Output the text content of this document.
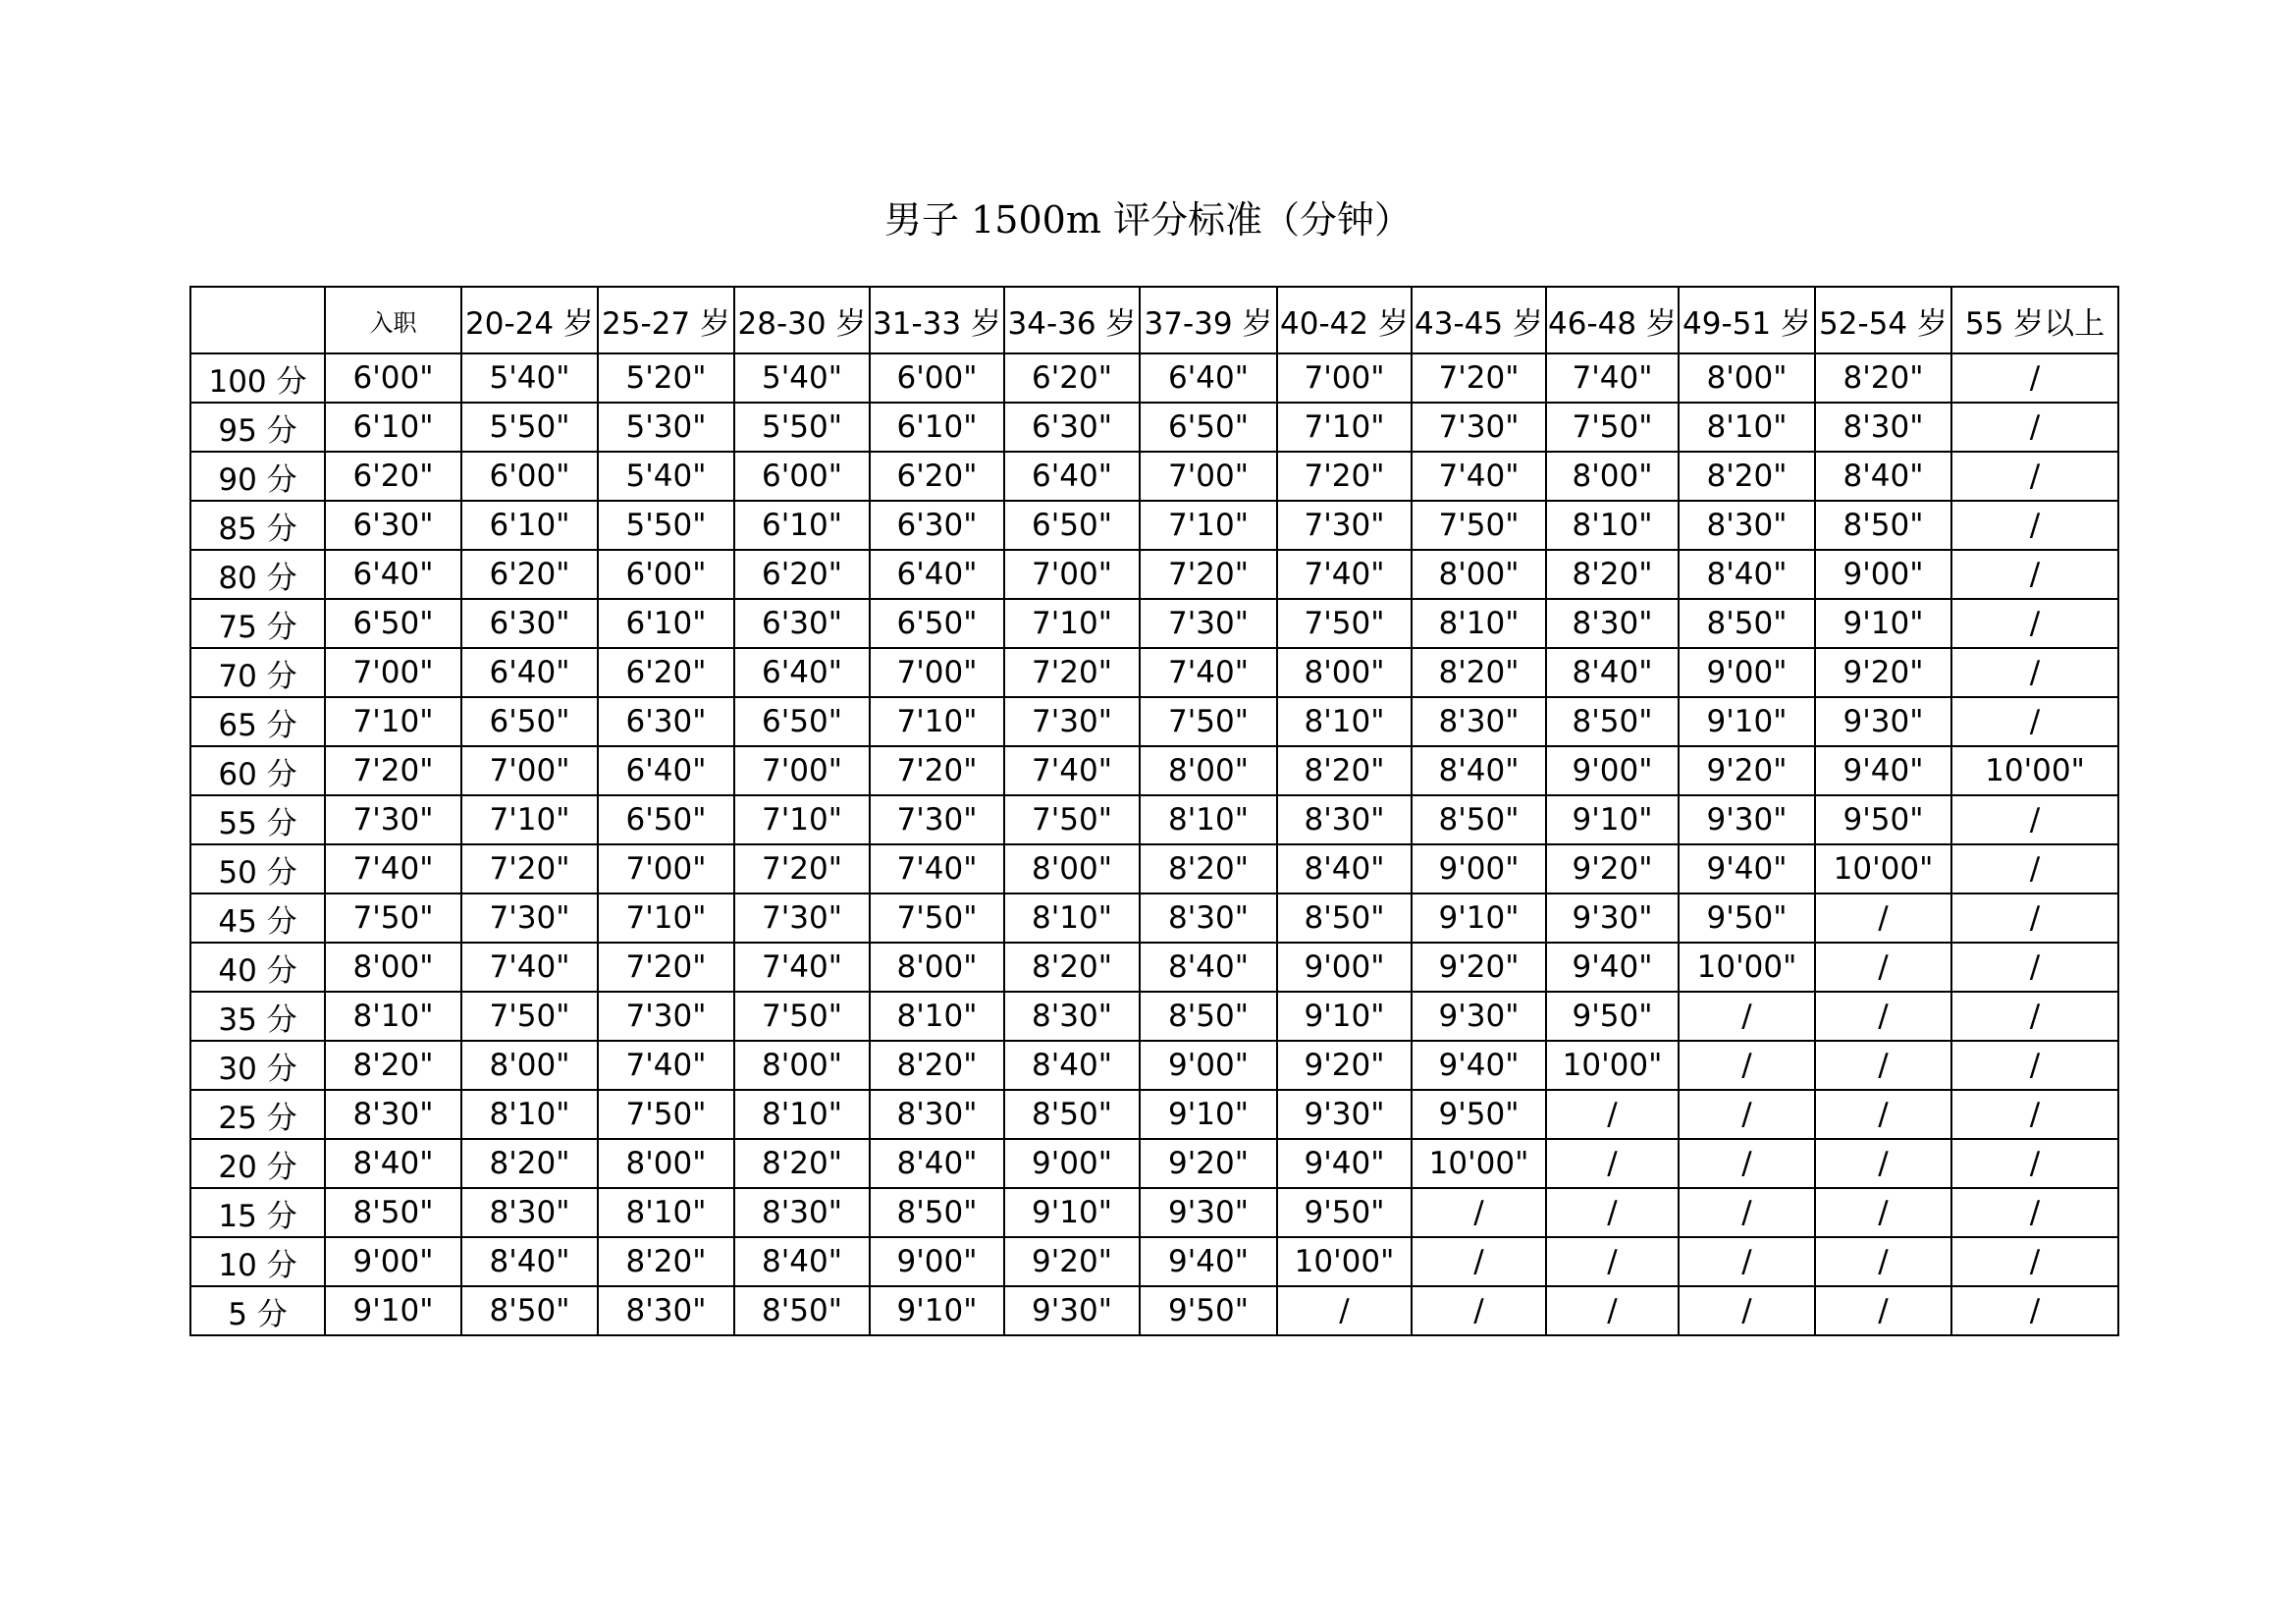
男子 1500m 评分标准（分钟）
	入职	20-24 岁	25-27 岁	28-30 岁	31-33 岁	34-36 岁	37-39 岁	40-42 岁	43-45 岁	46-48 岁	49-51 岁	52-54 岁	55 岁以上
100 分	6'00"	5'40"	5'20"	5'40"	6'00"	6'20"	6'40"	7'00"	7'20"	7'40"	8'00"	8'20"	/
95 分	6'10"	5'50"	5'30"	5'50"	6'10"	6'30"	6'50"	7'10"	7'30"	7'50"	8'10"	8'30"	/
90 分	6'20"	6'00"	5'40"	6'00"	6'20"	6'40"	7'00"	7'20"	7'40"	8'00"	8'20"	8'40"	/
85 分	6'30"	6'10"	5'50"	6'10"	6'30"	6'50"	7'10"	7'30"	7'50"	8'10"	8'30"	8'50"	/
80 分	6'40"	6'20"	6'00"	6'20"	6'40"	7'00"	7'20"	7'40"	8'00"	8'20"	8'40"	9'00"	/
75 分	6'50"	6'30"	6'10"	6'30"	6'50"	7'10"	7'30"	7'50"	8'10"	8'30"	8'50"	9'10"	/
70 分	7'00"	6'40"	6'20"	6'40"	7'00"	7'20"	7'40"	8'00"	8'20"	8'40"	9'00"	9'20"	/
65 分	7'10"	6'50"	6'30"	6'50"	7'10"	7'30"	7'50"	8'10"	8'30"	8'50"	9'10"	9'30"	/
60 分	7'20"	7'00"	6'40"	7'00"	7'20"	7'40"	8'00"	8'20"	8'40"	9'00"	9'20"	9'40"	10'00"
55 分	7'30"	7'10"	6'50"	7'10"	7'30"	7'50"	8'10"	8'30"	8'50"	9'10"	9'30"	9'50"	/
50 分	7'40"	7'20"	7'00"	7'20"	7'40"	8'00"	8'20"	8'40"	9'00"	9'20"	9'40"	10'00"	/
45 分	7'50"	7'30"	7'10"	7'30"	7'50"	8'10"	8'30"	8'50"	9'10"	9'30"	9'50"	/	/
40 分	8'00"	7'40"	7'20"	7'40"	8'00"	8'20"	8'40"	9'00"	9'20"	9'40"	10'00"	/	/
35 分	8'10"	7'50"	7'30"	7'50"	8'10"	8'30"	8'50"	9'10"	9'30"	9'50"	/	/	/
30 分	8'20"	8'00"	7'40"	8'00"	8'20"	8'40"	9'00"	9'20"	9'40"	10'00"	/	/	/
25 分	8'30"	8'10"	7'50"	8'10"	8'30"	8'50"	9'10"	9'30"	9'50"	/	/	/	/
20 分	8'40"	8'20"	8'00"	8'20"	8'40"	9'00"	9'20"	9'40"	10'00"	/	/	/	/
15 分	8'50"	8'30"	8'10"	8'30"	8'50"	9'10"	9'30"	9'50"	/	/	/	/	/
10 分	9'00"	8'40"	8'20"	8'40"	9'00"	9'20"	9'40"	10'00"	/	/	/	/	/
5 分	9'10"	8'50"	8'30"	8'50"	9'10"	9'30"	9'50"	/	/	/	/	/	/
